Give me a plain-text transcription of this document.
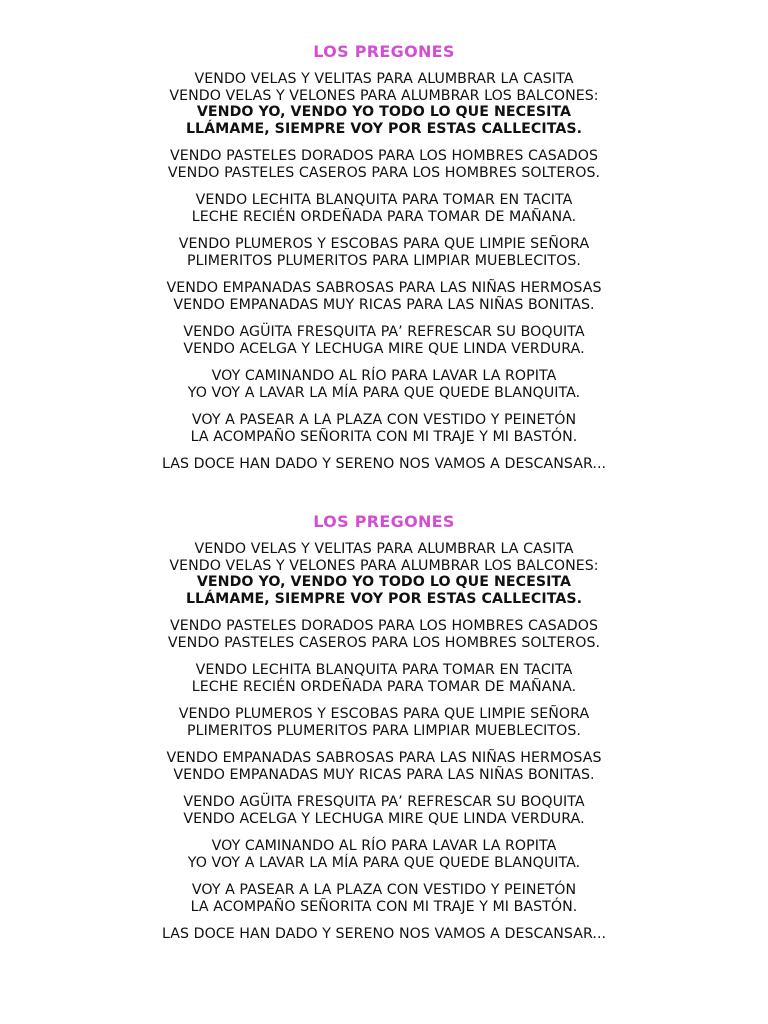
LOS PREGONES
VENDO VELAS Y VELITAS PARA ALUMBRAR LA CASITA
VENDO VELAS Y VELONES PARA ALUMBRAR LOS BALCONES:
VENDO YO, VENDO YO TODO LO QUE NECESITA
LLÁMAME, SIEMPRE VOY POR ESTAS CALLECITAS.
VENDO PASTELES DORADOS PARA LOS HOMBRES CASADOS
VENDO PASTELES CASEROS PARA LOS HOMBRES SOLTEROS.
VENDO LECHITA BLANQUITA PARA TOMAR EN TACITA
LECHE RECIÉN ORDEÑADA PARA TOMAR DE MAÑANA.
VENDO PLUMEROS Y ESCOBAS PARA QUE LIMPIE SEÑORA
PLIMERITOS PLUMERITOS PARA LIMPIAR MUEBLECITOS.
VENDO EMPANADAS SABROSAS PARA LAS NIÑAS HERMOSAS
VENDO EMPANADAS MUY RICAS PARA LAS NIÑAS BONITAS.
VENDO AGÜITA FRESQUITA PA’ REFRESCAR SU BOQUITA
VENDO ACELGA Y LECHUGA MIRE QUE LINDA VERDURA.
VOY CAMINANDO AL RÍO PARA LAVAR LA ROPITA
YO VOY A LAVAR LA MÍA PARA QUE QUEDE BLANQUITA.
VOY A PASEAR A LA PLAZA CON VESTIDO Y PEINETÓN
LA ACOMPAÑO SEÑORITA CON MI TRAJE Y MI BASTÓN.
LAS DOCE HAN DADO Y SERENO NOS VAMOS A DESCANSAR...
LOS PREGONES
VENDO VELAS Y VELITAS PARA ALUMBRAR LA CASITA
VENDO VELAS Y VELONES PARA ALUMBRAR LOS BALCONES:
VENDO YO, VENDO YO TODO LO QUE NECESITA
LLÁMAME, SIEMPRE VOY POR ESTAS CALLECITAS.
VENDO PASTELES DORADOS PARA LOS HOMBRES CASADOS
VENDO PASTELES CASEROS PARA LOS HOMBRES SOLTEROS.
VENDO LECHITA BLANQUITA PARA TOMAR EN TACITA
LECHE RECIÉN ORDEÑADA PARA TOMAR DE MAÑANA.
VENDO PLUMEROS Y ESCOBAS PARA QUE LIMPIE SEÑORA
PLIMERITOS PLUMERITOS PARA LIMPIAR MUEBLECITOS.
VENDO EMPANADAS SABROSAS PARA LAS NIÑAS HERMOSAS
VENDO EMPANADAS MUY RICAS PARA LAS NIÑAS BONITAS.
VENDO AGÜITA FRESQUITA PA’ REFRESCAR SU BOQUITA
VENDO ACELGA Y LECHUGA MIRE QUE LINDA VERDURA.
VOY CAMINANDO AL RÍO PARA LAVAR LA ROPITA
YO VOY A LAVAR LA MÍA PARA QUE QUEDE BLANQUITA.
VOY A PASEAR A LA PLAZA CON VESTIDO Y PEINETÓN
LA ACOMPAÑO SEÑORITA CON MI TRAJE Y MI BASTÓN.
LAS DOCE HAN DADO Y SERENO NOS VAMOS A DESCANSAR...
